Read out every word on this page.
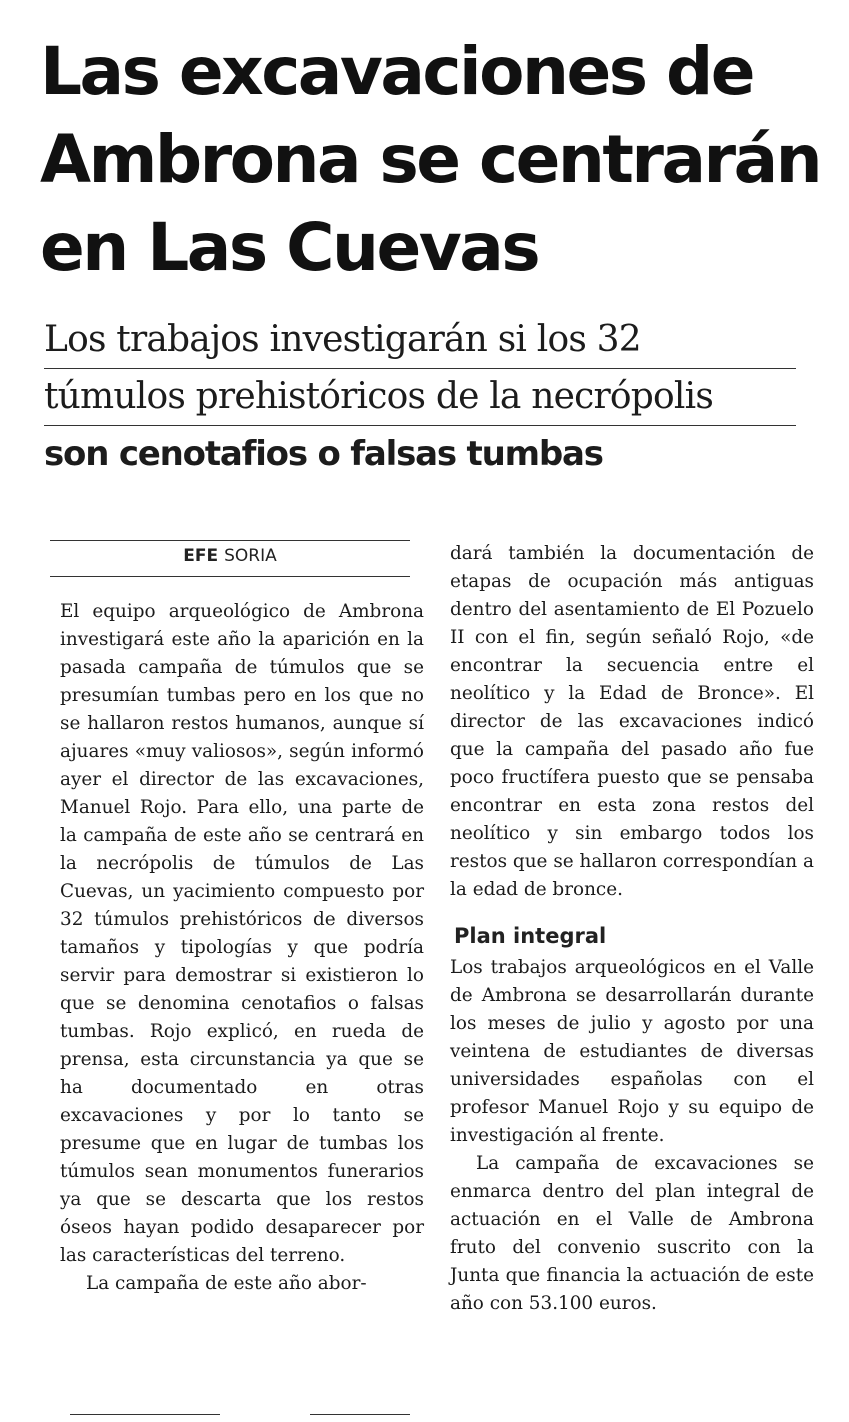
Las excavaciones de
Ambrona se centrarán
en Las Cuevas
Los trabajos investigarán si los 32
túmulos prehistóricos de la necrópolis
son cenotafios o falsas tumbas
EFE SORIA

El equipo arqueológico de Ambrona investigará este año la aparición en la pasada campaña de túmulos que se presumían tumbas pero en los que no se hallaron restos humanos, aunque sí ajuares «muy valiosos», según informó ayer el director de las excavaciones, Manuel Rojo. Para ello, una parte de la campaña de este año se centrará en la necrópolis de túmulos de Las Cuevas, un yacimiento compuesto por 32 túmulos prehistóricos de diversos tamaños y tipologías y que podría servir para demostrar si existieron lo que se denomina cenotafios o falsas tumbas. Rojo explicó, en rueda de prensa, esta circunstancia ya que se ha documentado en otras excavaciones y por lo tanto se presume que en lugar de tumbas los túmulos sean monumentos funerarios ya que se descarta que los restos óseos hayan podido desaparecer por las características del terreno.

La campaña de este año abor-

dará también la documentación de etapas de ocupación más antiguas dentro del asentamiento de El Pozuelo II con el fin, según señaló Rojo, «de encontrar la secuencia entre el neolítico y la Edad de Bronce». El director de las excavaciones indicó que la campaña del pasado año fue poco fructífera puesto que se pensaba encontrar en esta zona restos del neolítico y sin embargo todos los restos que se hallaron correspondían a la edad de bronce.

Plan integral

Los trabajos arqueológicos en el Valle de Ambrona se desarrollarán durante los meses de julio y agosto por una veintena de estudiantes de diversas universidades españolas con el profesor Manuel Rojo y su equipo de investigación al frente.

La campaña de excavaciones se enmarca dentro del plan integral de actuación en el Valle de Ambrona fruto del convenio suscrito con la Junta que financia la actuación de este año con 53.100 euros.
